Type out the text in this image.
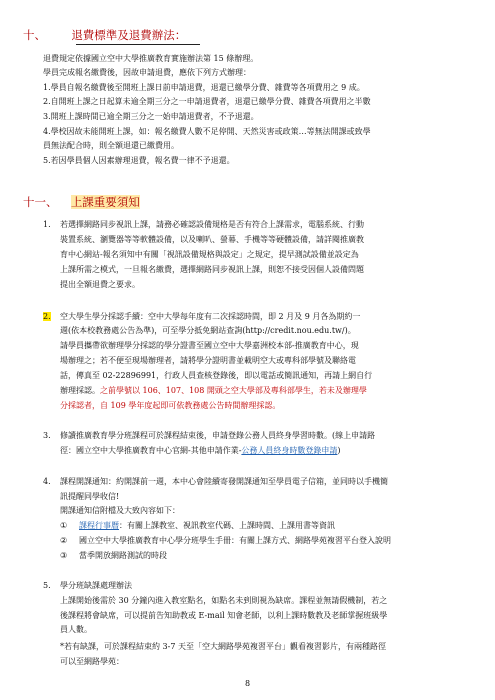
十、 退費標準及退費辦法：
退費規定依據國立空中大學推廣教育實施辦法第 15 條辦理。
學員完成報名繳費後，因故申請退費，應依下列方式辦理：
1.學員自報名繳費後至開班上課日前申請退費，退還已繳學分費、雜費等各項費用之 9 成。
2.自開班上課之日起算未逾全期三分之一申請退費者，退還已繳學分費、雜費各項費用之半數
3.開班上課時間已逾全期三分之一始申請退費者，不予退還。
4.學校因故未能開班上課，如：報名繳費人數不足停開、天然災害或政策…等無法開課或致學
員無法配合時，則全額退還已繳費用。
5.若因學員個人因素辦理退費，報名費一律不予退還。
十一、 上課重要須知
1. 若選擇網路同步視訊上課，請務必確認設備規格是否有符合上課需求，電腦系統、行動
裝置系統、瀏覽器等等軟體設備，以及喇叭、螢幕、手機等等硬體設備，請詳閱推廣教
育中心網站-報名須知中有關「視訊設備規格與設定」之規定，提早測試設備並設定為
上課所需之模式，一旦報名繳費，選擇網路同步視訊上課，則恕不接受因個人設備問題
提出全額退費之要求。
2. 空大學生學分採認手續：空中大學每年度有二次採認時間，即 2 月及 9 月各為期約一
週(依本校教務處公告為準)，可至學分抵免網站查詢(http://credit.nou.edu.tw/)。
請學員攜帶欲辦理學分採認的學分證書至國立空中大學嘉洲校本部-推廣教育中心，現
場辦理之；若不便至現場辦理者，請將學分證明書並載明空大或專科部學號及聯絡電
話，傳真至 02-22896991，行政人員查核登錄後，即以電話或簡訊通知，再請上網自行
辦理採認。之前學號以 106、107、108 開頭之空大學部及專科部學生，若未及辦理學
分採認者，自 109 學年度起即可依教務處公告時間辦理採認。
3. 修讀推廣教育學分班課程可於課程結束後，申請登錄公務人員終身學習時數。(線上申請路
徑：國立空中大學推廣教育中心官網-其他申請作業-公務人員終身時數登錄申請)
4. 課程開課通知：約開課前一週，本中心會陸續寄發開課通知至學員電子信箱，並同時以手機簡
訊提醒同學收信!
開課通知信附檔及大致內容如下：
① 課程行事曆：有關上課教室、視訊教室代碼、上課時間、上課用書等資訊
② 國立空中大學推廣教育中心學分班學生手冊：有關上課方式、網路學苑複習平台登入說明
③ 當季開放網路測試的時段
5. 學分班缺課處理辦法
上課開始後需於 30 分鐘內進入教室點名，如點名未到則視為缺席。課程並無請假機制，若之
後課程將會缺席，可以提前告知助教或 E-mail 知會老師，以利上課時數教及老師掌握班級學
員人數。
*若有缺課，可於課程結束約 3-7 天至「空大網路學苑複習平台」觀看複習影片，有兩種路徑
可以至網路學苑：
8
